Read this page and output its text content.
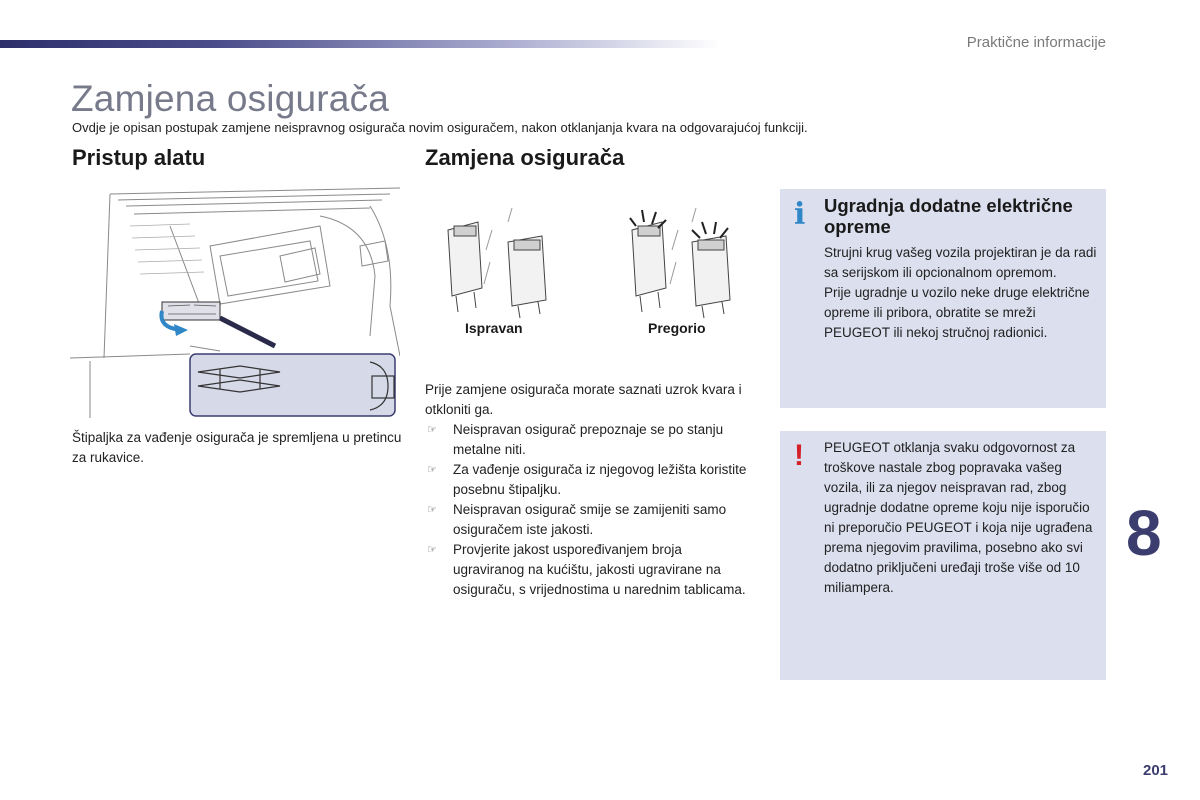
Praktične informacije
Zamjena osigurača
Ovdje je opisan postupak zamjene neispravnog osigurača novim osiguračem, nakon otklanjanja kvara na odgovarajućoj funkciji.
Pristup alatu
Štipaljka za vađenje osigurača je spremljena u pretincu za rukavice.
Zamjena osigurača
Ispravan	Pregorio
Prije zamjene osigurača morate saznati uzrok kvara i otkloniti ga.
☞ Neispravan osigurač prepoznaje se po stanju metalne niti.
☞ Za vađenje osigurača iz njegovog ležišta koristite posebnu štipaljku.
☞ Neispravan osigurač smije se zamijeniti samo osiguračem iste jakosti.
☞ Provjerite jakost uspoređivanjem broja ugraviranog na kućištu, jakosti ugravirane na osiguraču, s vrijednostima u narednim tablicama.
i Ugradnja dodatne električne opreme
Strujni krug vašeg vozila projektiran je da radi sa serijskom ili opcionalnom opremom.
Prije ugradnje u vozilo neke druge električne opreme ili pribora, obratite se mreži PEUGEOT ili nekoj stručnoj radionici.
! PEUGEOT otklanja svaku odgovornost za troškove nastale zbog popravaka vašeg vozila, ili za njegov neispravan rad, zbog ugradnje dodatne opreme koju nije isporučio ni preporučio PEUGEOT i koja nije ugrađena prema njegovim pravilima, posebno ako svi dodatno priključeni uređaji troše više od 10 miliampera.
8
201
